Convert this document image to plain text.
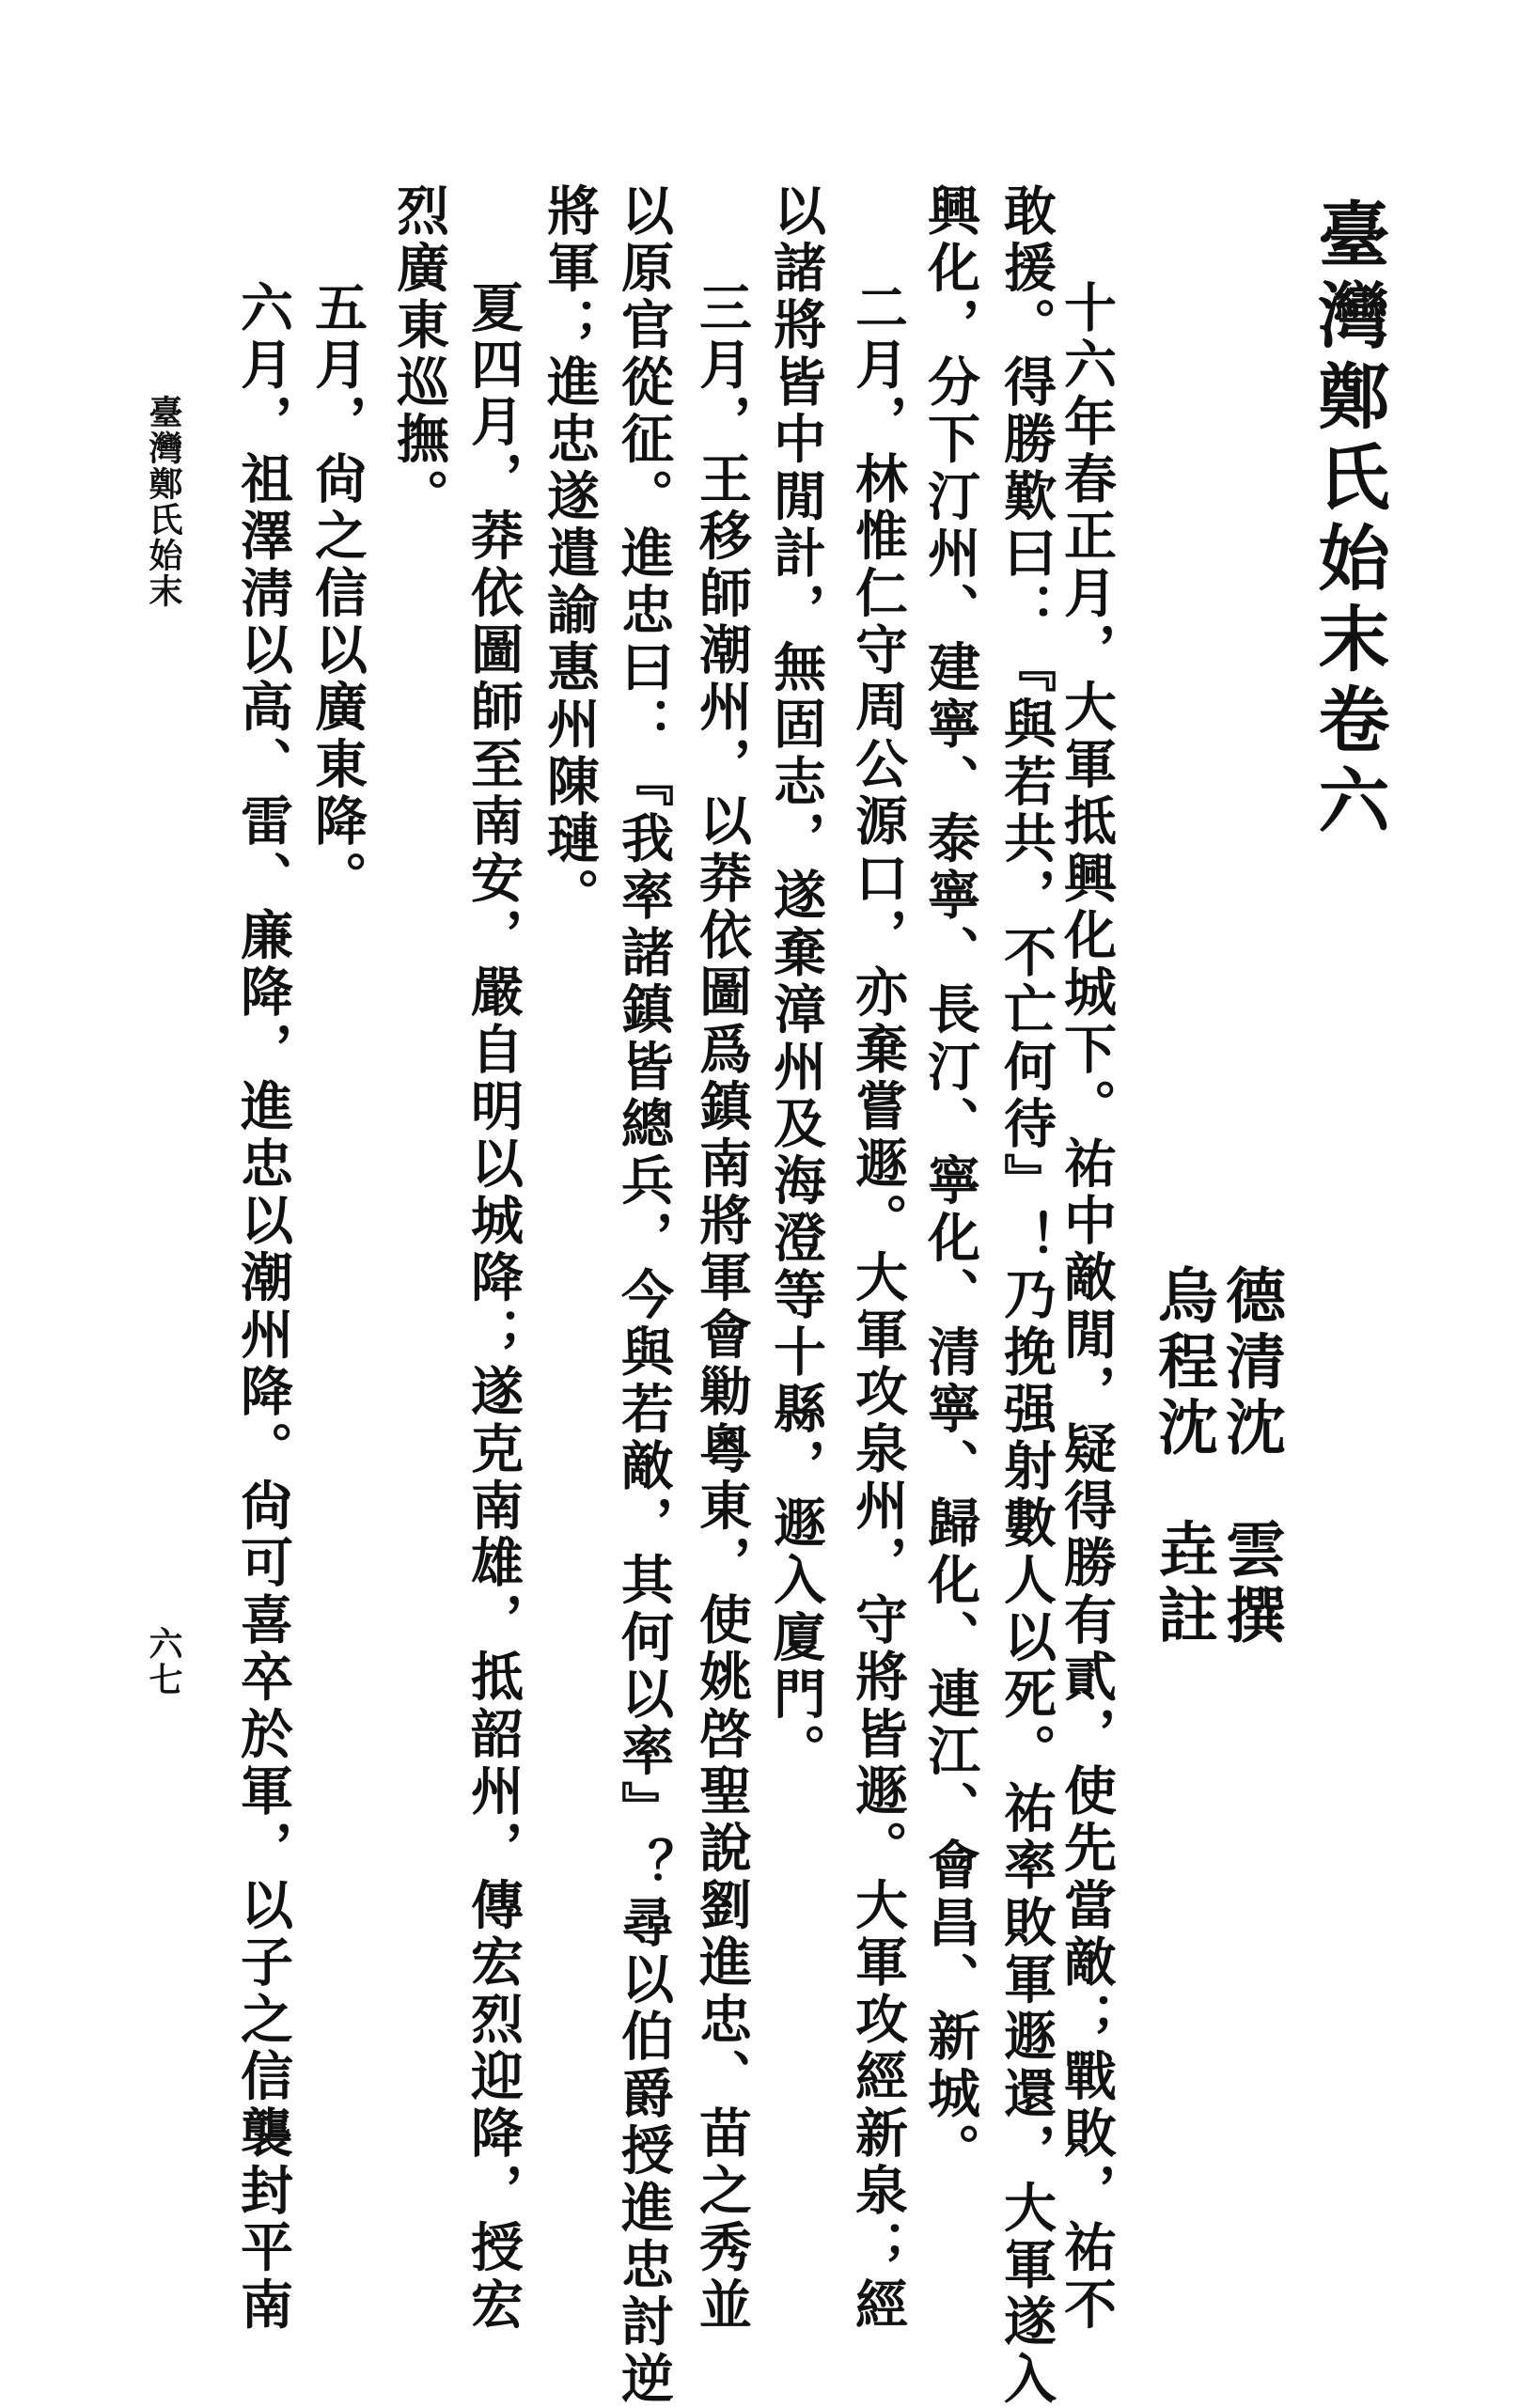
臺灣鄭氏始末卷六
德清沈雲撰
烏程沈垚註

十六年春正月，大軍抵興化城下。祐中敵閒，疑得勝有貳，使先當敵；戰敗，祐不

敢援。得勝歎曰：『與若共，不亡何待』！乃挽强射數人以死。祐率敗軍遯還，大軍遂入

興化，分下汀州、建寧、泰寧、長汀、寧化、清寧、歸化、連江、會昌、新城。

二月，林惟仁守周公源口，亦棄嘗遯。大軍攻泉州，守將皆遯。大軍攻經新泉；經

以諸將皆中閒計，無固志，遂棄漳州及海澄等十縣，遯入廈門。

三月，王移師潮州，以莽依圖爲鎮南將軍會勦粵東，使姚啓聖說劉進忠、苗之秀並

以原官從征。進忠曰：『我率諸鎮皆總兵，今與若敵，其何以率』？尋以伯爵授進忠討逆

將軍；進忠遂遣諭惠州陳璉。

夏四月，莽依圖師至南安，嚴自明以城降；遂克南雄，抵韶州，傳宏烈迎降，授宏

烈廣東巡撫。

五月，尙之信以廣東降。

六月，祖澤淸以高、雷、廉降，進忠以潮州降。尙可喜卒於軍，以子之信襲封平南

臺灣鄭氏始末
六七
